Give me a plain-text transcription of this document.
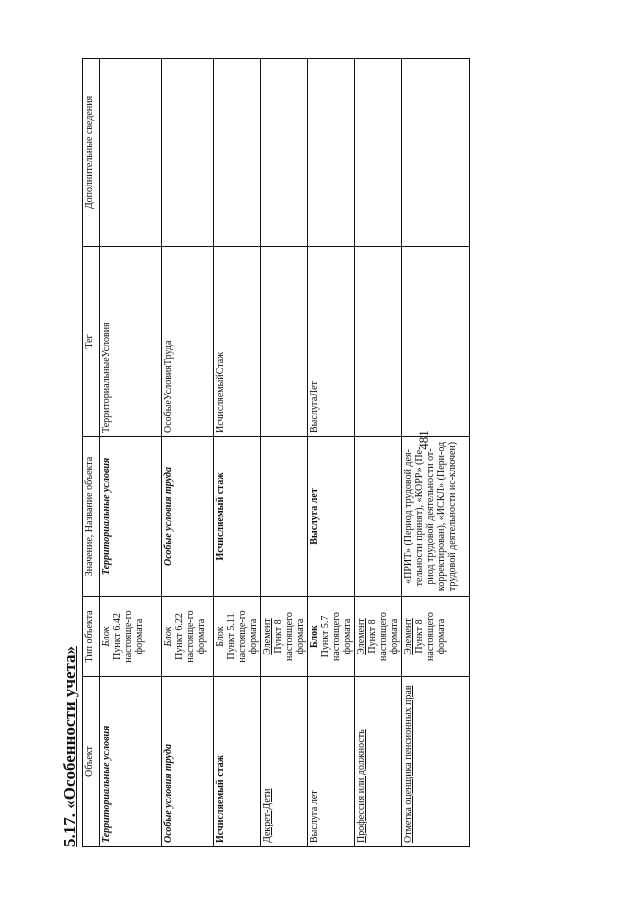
481
5.17. «Особенности учета» Объект	Тип объекта	Значение, Название объекта	Тег	Дополнительные сведения
Территориальные условия	Блок Пункт 6.42 настояще-го формата	Территориальные условия	ТерриториальныеУсловия	
Особые условия труда	Блок Пункт 6.22 настояще-го формата	Особые условия труда	ОсобыеУсловияТруда	
Исчисляемый стаж	Блок Пункт 5.11 настояще-го формата	Исчисляемый стаж	ИсчисляемыйСтаж	
Декрет-Дети	Элемент Пункт 8 настоящего формата			

Выслуга лет	Блок Пункт 5.7 настоящего формата	Выслуга лет	ВыслугаЛет	
Профессия или должность	Элемент Пункт 8 настоящего формата			

Отметка оценщика пенсионных прав	Элемент Пункт 8 настоящего формата	«ПРИТ» (Период трудовой дея-тельности принят), «КОРР» (Пе-риод трудовой деятельности от-корректирован), «ИСКЛ» (Пери-од трудовой деятельности ис-ключен)		
